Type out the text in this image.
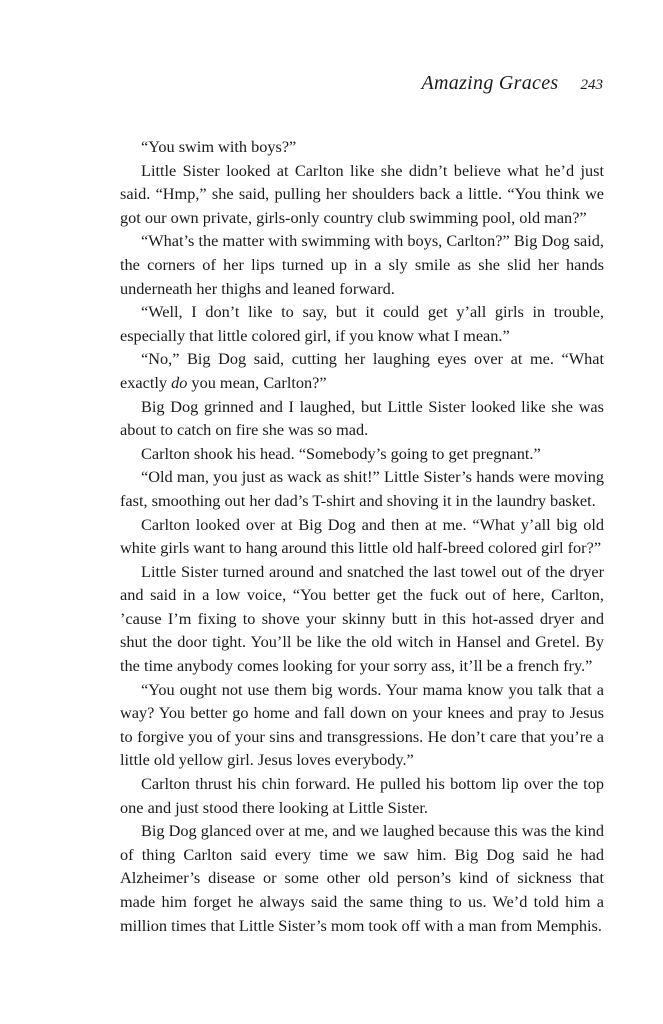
Amazing Graces 243

“You swim with boys?”

Little Sister looked at Carlton like she didn’t believe what he’d just said. “Hmp,” she said, pulling her shoulders back a little. “You think we got our own private, girls-only country club swimming pool, old man?”

“What’s the matter with swimming with boys, Carlton?” Big Dog said, the corners of her lips turned up in a sly smile as she slid her hands underneath her thighs and leaned forward.

“Well, I don’t like to say, but it could get y’all girls in trouble, especially that little colored girl, if you know what I mean.”

“No,” Big Dog said, cutting her laughing eyes over at me. “What exactly do you mean, Carlton?”

Big Dog grinned and I laughed, but Little Sister looked like she was about to catch on fire she was so mad.

Carlton shook his head. “Somebody’s going to get pregnant.”

“Old man, you just as wack as shit!” Little Sister’s hands were moving fast, smoothing out her dad’s T-shirt and shoving it in the laundry basket.

Carlton looked over at Big Dog and then at me. “What y’all big old white girls want to hang around this little old half-breed colored girl for?”

Little Sister turned around and snatched the last towel out of the dryer and said in a low voice, “You better get the fuck out of here, Carlton, ’cause I’m fixing to shove your skinny butt in this hot-assed dryer and shut the door tight. You’ll be like the old witch in Hansel and Gretel. By the time anybody comes looking for your sorry ass, it’ll be a french fry.”

“You ought not use them big words. Your mama know you talk that a way? You better go home and fall down on your knees and pray to Jesus to forgive you of your sins and transgressions. He don’t care that you’re a little old yellow girl. Jesus loves everybody.”

Carlton thrust his chin forward. He pulled his bottom lip over the top one and just stood there looking at Little Sister.

Big Dog glanced over at me, and we laughed because this was the kind of thing Carlton said every time we saw him. Big Dog said he had Alzheimer’s disease or some other old person’s kind of sickness that made him forget he always said the same thing to us. We’d told him a million times that Little Sister’s mom took off with a man from Memphis.
